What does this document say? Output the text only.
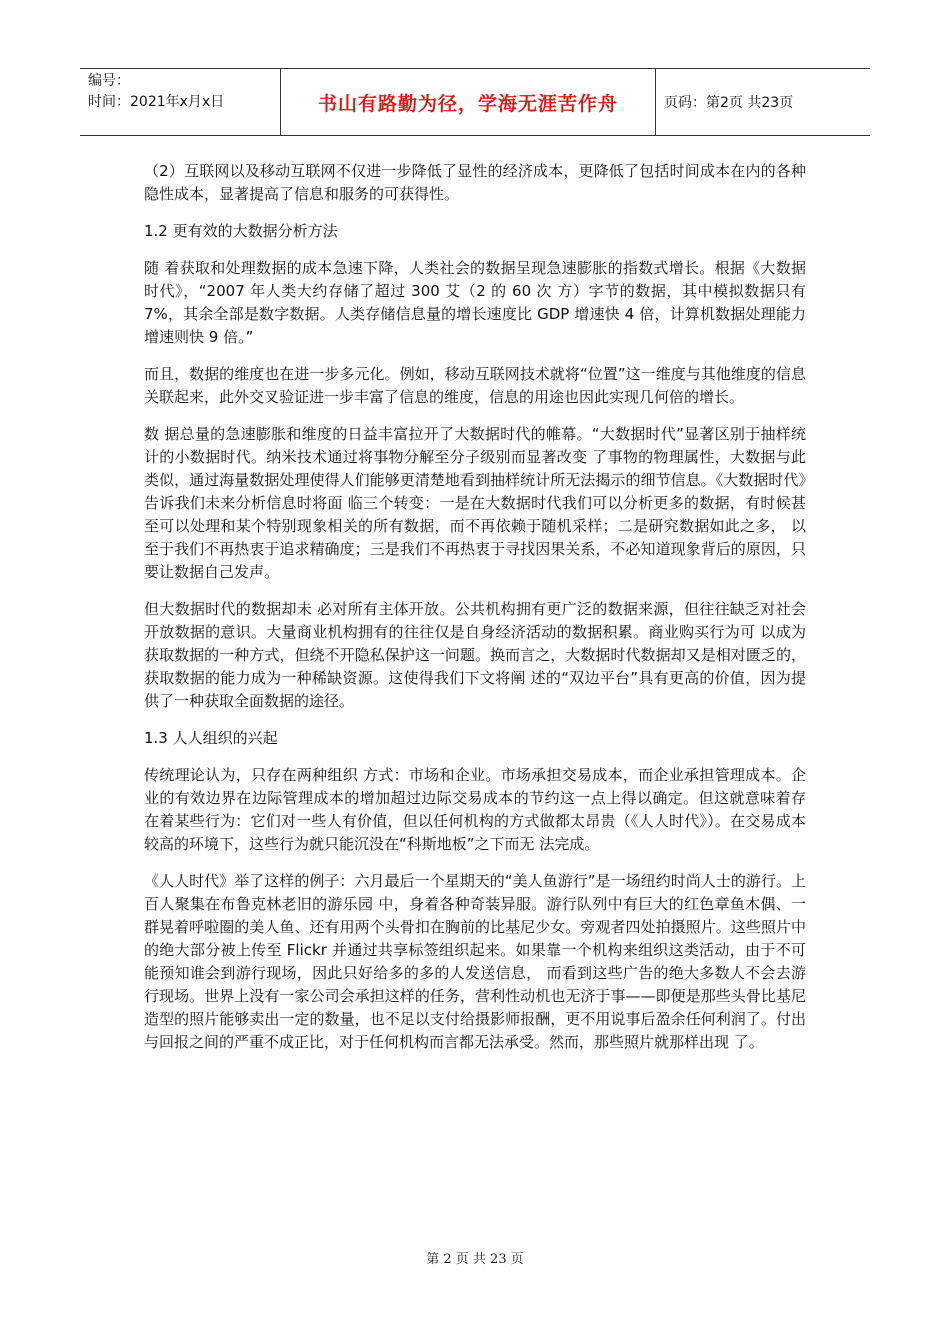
编号：
时间：2021年x月x日	书山有路勤为径，学海无涯苦作舟	页码：第2页 共23页

（2）互联网以及移动互联网不仅进一步降低了显性的经济成本，更降低了包括时间成本在内的各种隐性成本，显著提高了信息和服务的可获得性。

1.2 更有效的大数据分析方法

随 着获取和处理数据的成本急速下降，人类社会的数据呈现急速膨胀的指数式增长。根据《大数据时代》，“2007 年人类大约存储了超过 300 艾（2 的 60 次 方）字节的数据，其中模拟数据只有 7%，其余全部是数字数据。人类存储信息量的增长速度比 GDP 增速快 4 倍，计算机数据处理能力增速则快 9 倍。”

而且，数据的维度也在进一步多元化。例如，移动互联网技术就将“位置”这一维度与其他维度的信息关联起来，此外交叉验证进一步丰富了信息的维度，信息的用途也因此实现几何倍的增长。

数 据总量的急速膨胀和维度的日益丰富拉开了大数据时代的帷幕。“大数据时代”显著区别于抽样统计的小数据时代。纳米技术通过将事物分解至分子级别而显著改变 了事物的物理属性，大数据与此类似，通过海量数据处理使得人们能够更清楚地看到抽样统计所无法揭示的细节信息。《大数据时代》告诉我们未来分析信息时将面 临三个转变：一是在大数据时代我们可以分析更多的数据，有时候甚至可以处理和某个特别现象相关的所有数据，而不再依赖于随机采样；二是研究数据如此之多， 以至于我们不再热衷于追求精确度；三是我们不再热衷于寻找因果关系，不必知道现象背后的原因，只要让数据自己发声。

但大数据时代的数据却未 必对所有主体开放。公共机构拥有更广泛的数据来源，但往往缺乏对社会开放数据的意识。大量商业机构拥有的往往仅是自身经济活动的数据积累。商业购买行为可 以成为获取数据的一种方式，但绕不开隐私保护这一问题。换而言之，大数据时代数据却又是相对匮乏的，获取数据的能力成为一种稀缺资源。这使得我们下文将阐 述的“双边平台”具有更高的价值，因为提供了一种获取全面数据的途径。

1.3 人人组织的兴起

传统理论认为，只存在两种组织 方式：市场和企业。市场承担交易成本，而企业承担管理成本。企业的有效边界在边际管理成本的增加超过边际交易成本的节约这一点上得以确定。但这就意味着存 在着某些行为：它们对一些人有价值，但以任何机构的方式做都太昂贵（《人人时代》）。在交易成本较高的环境下，这些行为就只能沉没在“科斯地板”之下而无 法完成。

《人人时代》举了这样的例子：六月最后一个星期天的“美人鱼游行”是一场纽约时尚人士的游行。上百人聚集在布鲁克林老旧的游乐园 中，身着各种奇装异服。游行队列中有巨大的红色章鱼木偶、一群晃着呼啦圈的美人鱼、还有用两个头骨扣在胸前的比基尼少女。旁观者四处拍摄照片。这些照片中 的绝大部分被上传至 Flickr 并通过共享标签组织起来。如果靠一个机构来组织这类活动，由于不可能预知谁会到游行现场，因此只好给多的多的人发送信息， 而看到这些广告的绝大多数人不会去游行现场。世界上没有一家公司会承担这样的任务，营利性动机也无济于事——即便是那些头骨比基尼造型的照片能够卖出一定的数量，也不足以支付给摄影师报酬，更不用说事后盈余任何利润了。付出与回报之间的严重不成正比，对于任何机构而言都无法承受。然而，那些照片就那样出现 了。

第 2 页 共 23 页
